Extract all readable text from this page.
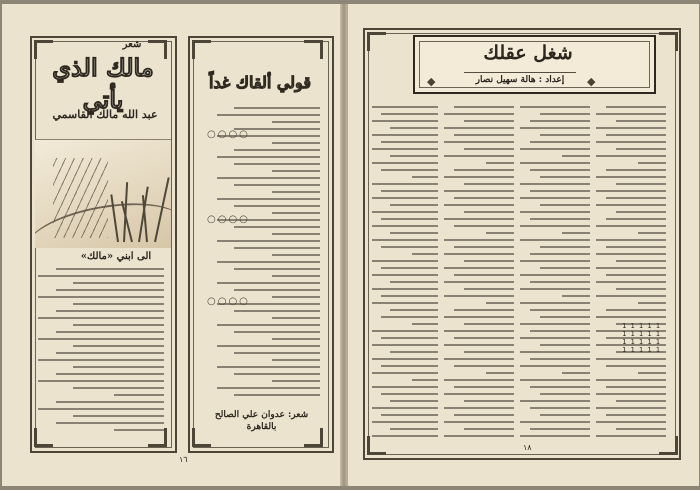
شعر
مالك الذي يأتي
عبد الله مالك القاسمي
الى ابني «مالك»
قولي ألقاك غداً
○○○○
○○○○
○○○○
شعر: عدوان علي الصالح
بالقاهرة
١٦
شغل عقلك
إعداد : هالة سهيل نصار
◆	◆
1 1 1 1 1
1 1 1 1 1
1 1 1 1 1
1 1 1 1 1
١٨
